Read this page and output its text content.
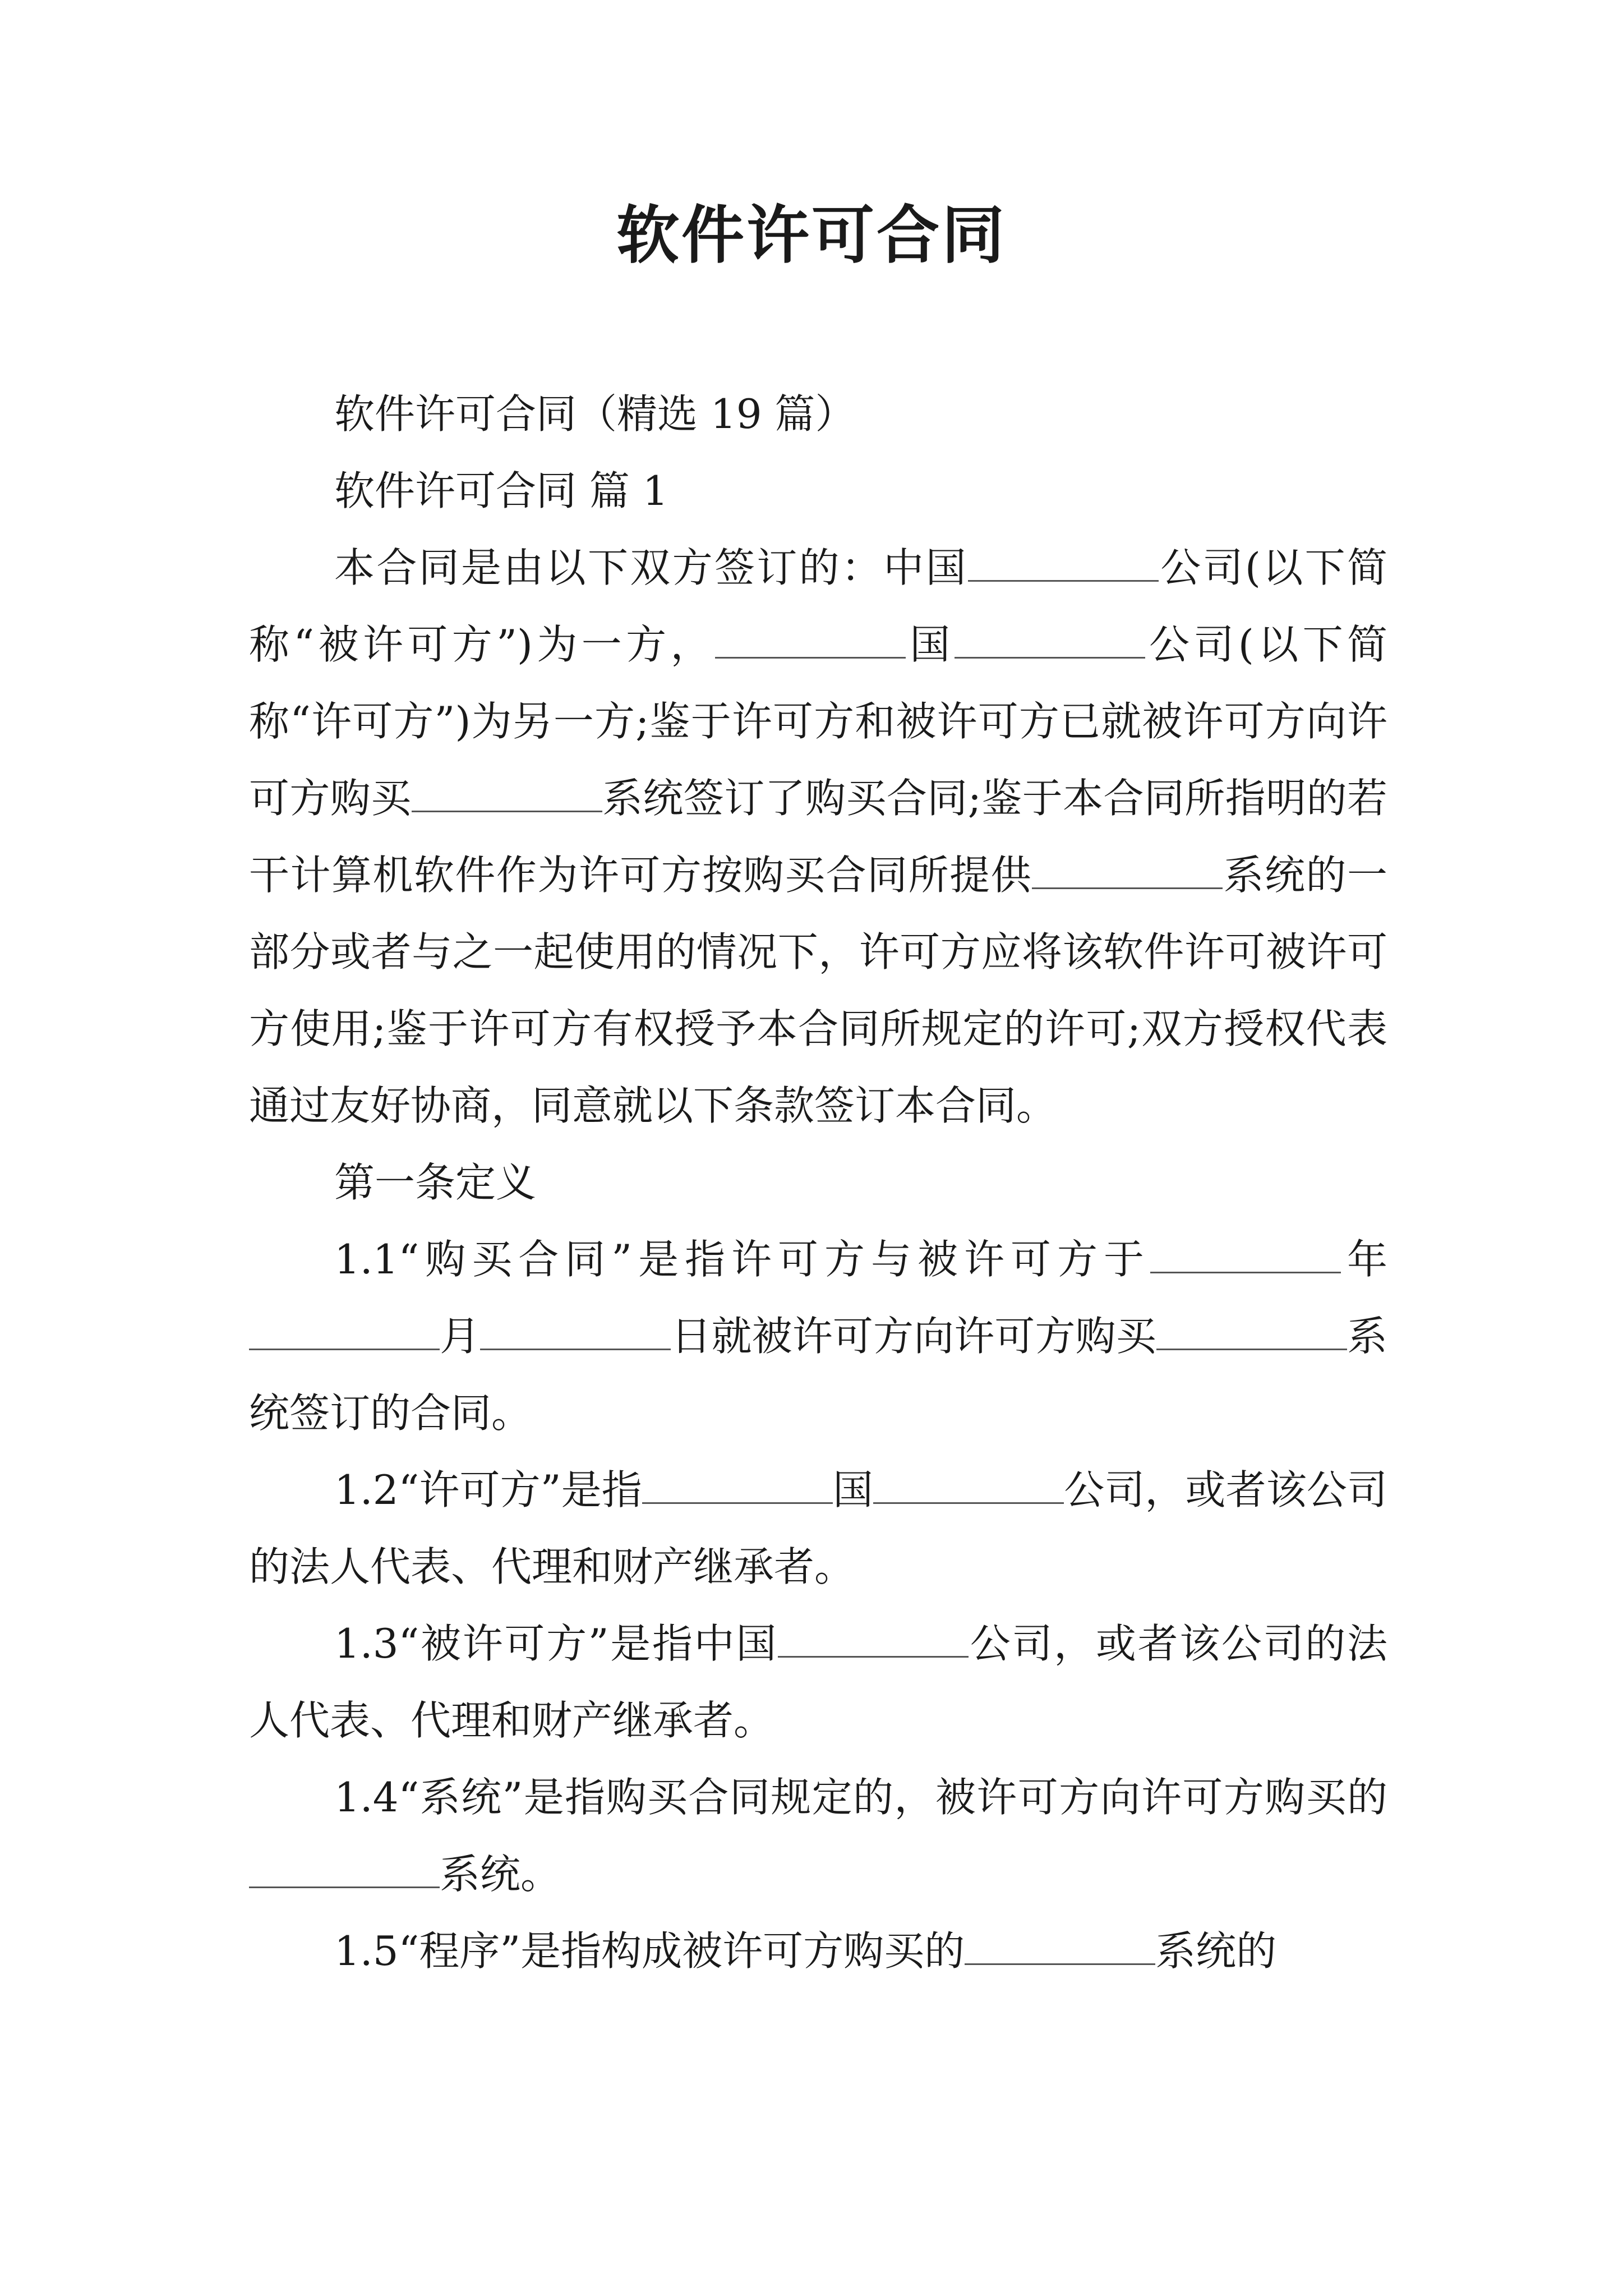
软件许可合同

软件许可合同（精选 19 篇）

软件许可合同 篇 1

本合同是由以下双方签订的：中国	公司(以下简称“被许可方”)为一方，	国	公司(以下简称“许可方”)为另一方;鉴于许可方和被许可方已就被许可方向许可方购买	系统签订了购买合同;鉴于本合同所指明的若干计算机软件作为许可方按购买合同所提供	系统的一部分或者与之一起使用的情况下，许可方应将该软件许可被许可方使用;鉴于许可方有权授予本合同所规定的许可;双方授权代表通过友好协商，同意就以下条款签订本合同。

第一条定义

1.1“购买合同”是指许可方与被许可方于	年月	日就被许可方向许可方购买	系统签订的合同。

1.2“许可方”是指	国	公司，或者该公司的法人代表、代理和财产继承者。

1.3“被许可方”是指中国	公司，或者该公司的法人代表、代理和财产继承者。

1.4“系统”是指购买合同规定的，被许可方向许可方购买的系统。

1.5“程序”是指构成被许可方购买的	系统的
